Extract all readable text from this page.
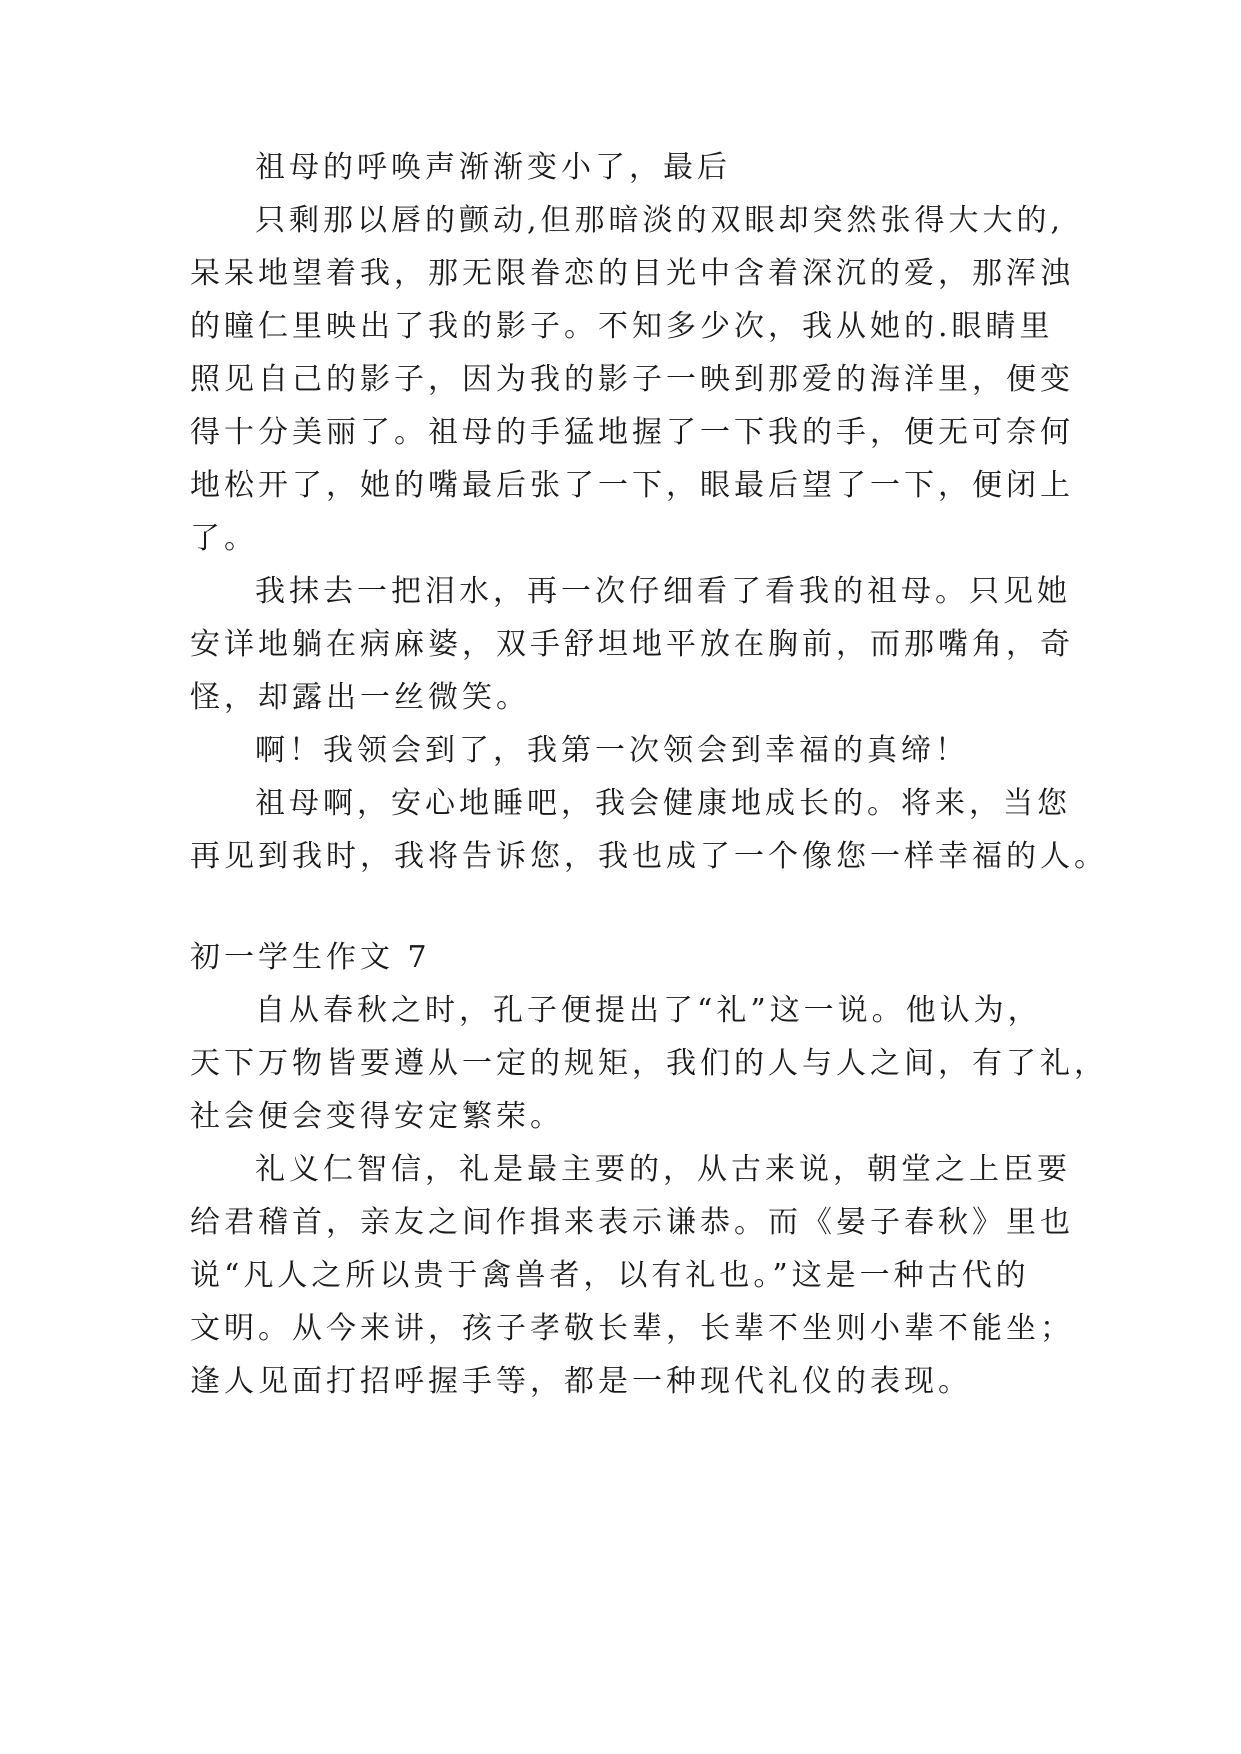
祖母的呼唤声渐渐变小了，最后

只剩那以唇的颤动,但那暗淡的双眼却突然张得大大的,

呆呆地望着我，那无限眷恋的目光中含着深沉的爱，那浑浊

的瞳仁里映出了我的影子。不知多少次，我从她的.眼睛里

照见自己的影子，因为我的影子一映到那爱的海洋里，便变

得十分美丽了。祖母的手猛地握了一下我的手，便无可奈何

地松开了，她的嘴最后张了一下，眼最后望了一下，便闭上

了。

我抹去一把泪水，再一次仔细看了看我的祖母。只见她

安详地躺在病麻婆，双手舒坦地平放在胸前，而那嘴角，奇

怪，却露出一丝微笑。

啊！我领会到了，我第一次领会到幸福的真缔！

祖母啊，安心地睡吧，我会健康地成长的。将来，当您

再见到我时，我将告诉您，我也成了一个像您一样幸福的人。

初一学生作文 7

自从春秋之时，孔子便提出了“礼”这一说。他认为，

天下万物皆要遵从一定的规矩，我们的人与人之间，有了礼，

社会便会变得安定繁荣。

礼义仁智信，礼是最主要的，从古来说，朝堂之上臣要

给君稽首，亲友之间作揖来表示谦恭。而《晏子春秋》里也

说“凡人之所以贵于禽兽者，以有礼也。”这是一种古代的

文明。从今来讲，孩子孝敬长辈，长辈不坐则小辈不能坐；

逢人见面打招呼握手等，都是一种现代礼仪的表现。
